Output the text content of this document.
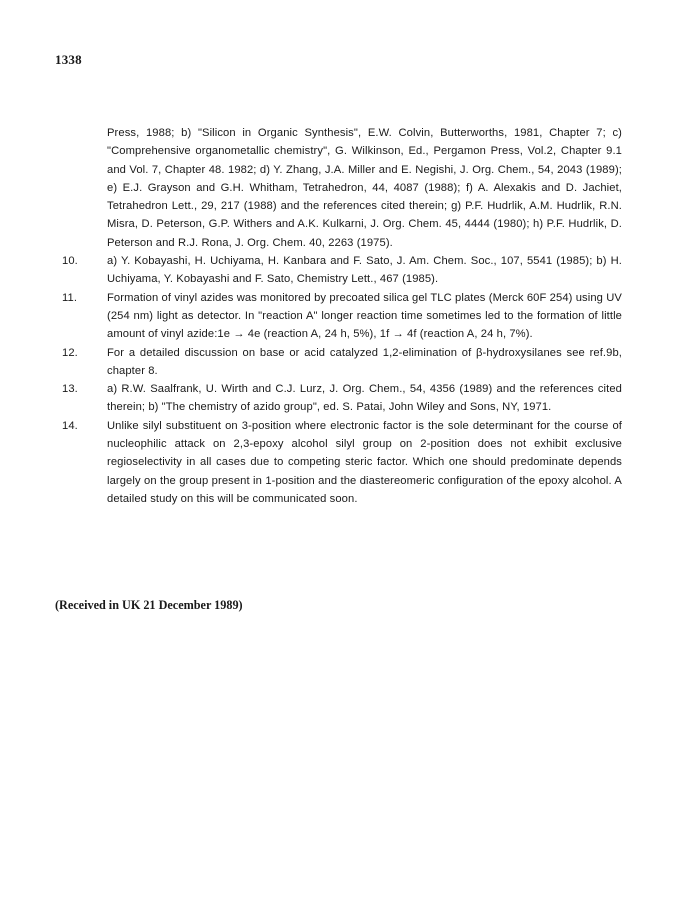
1338
Press, 1988; b) "Silicon in Organic Synthesis", E.W. Colvin, Butterworths, 1981, Chapter 7; c) "Comprehensive organometallic chemistry", G. Wilkinson, Ed., Pergamon Press, Vol.2, Chapter 9.1 and Vol. 7, Chapter 48. 1982; d) Y. Zhang, J.A. Miller and E. Negishi, J. Org. Chem., 54, 2043 (1989); e) E.J. Grayson and G.H. Whitham, Tetrahedron, 44, 4087 (1988); f) A. Alexakis and D. Jachiet, Tetrahedron Lett., 29, 217 (1988) and the references cited therein; g) P.F. Hudrlik, A.M. Hudrlik, R.N. Misra, D. Peterson, G.P. Withers and A.K. Kulkarni, J. Org. Chem. 45, 4444 (1980); h) P.F. Hudrlik, D. Peterson and R.J. Rona, J. Org. Chem. 40, 2263 (1975).
10.	a) Y. Kobayashi, H. Uchiyama, H. Kanbara and F. Sato, J. Am. Chem. Soc., 107, 5541 (1985); b) H. Uchiyama, Y. Kobayashi and F. Sato, Chemistry Lett., 467 (1985).
11.	Formation of vinyl azides was monitored by precoated silica gel TLC plates (Merck 60F 254) using UV (254 nm) light as detector. In "reaction A" longer reaction time sometimes led to the formation of little amount of vinyl azide:1e → 4e (reaction A, 24 h, 5%), 1f → 4f (reaction A, 24 h, 7%).
12.	For a detailed discussion on base or acid catalyzed 1,2-elimination of β-hydroxysilanes see ref.9b, chapter 8.
13.	a) R.W. Saalfrank, U. Wirth and C.J. Lurz, J. Org. Chem., 54, 4356 (1989) and the references cited therein; b) "The chemistry of azido group", ed. S. Patai, John Wiley and Sons, NY, 1971.
14.	Unlike silyl substituent on 3-position where electronic factor is the sole determinant for the course of nucleophilic attack on 2,3-epoxy alcohol silyl group on 2-position does not exhibit exclusive regioselectivity in all cases due to competing steric factor. Which one should predominate depends largely on the group present in 1-position and the diastereomeric configuration of the epoxy alcohol. A detailed study on this will be communicated soon.
(Received in UK 21 December 1989)
